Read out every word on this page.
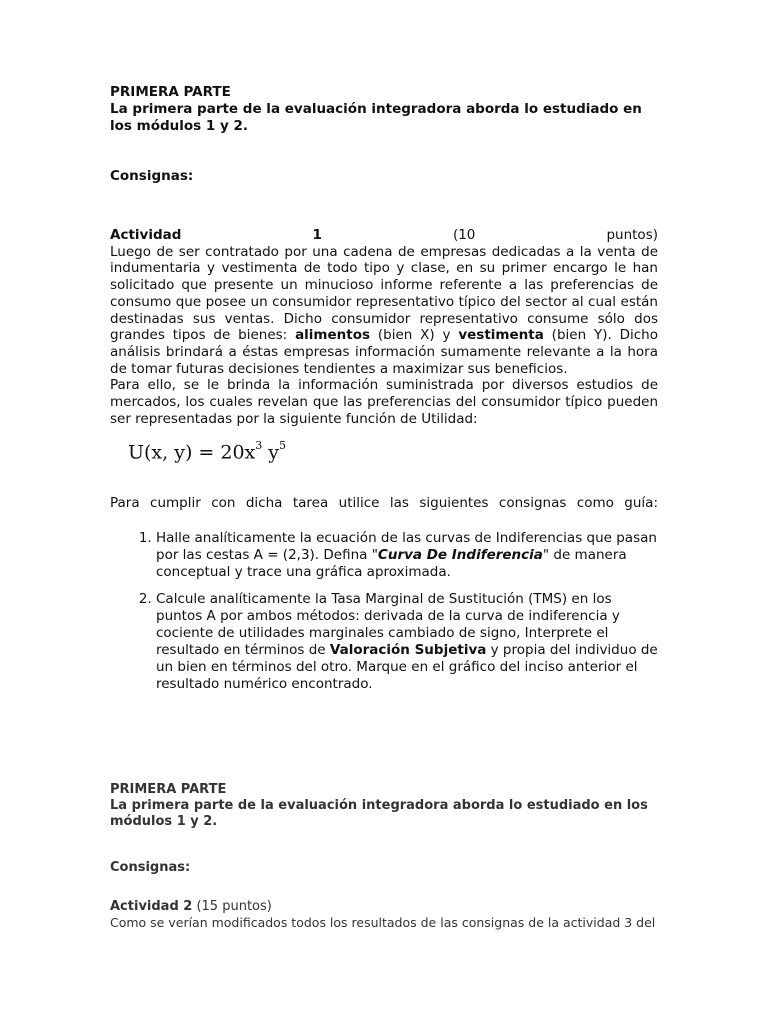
PRIMERA PARTE

La primera parte de la evaluación integradora aborda lo estudiado en los módulos 1 y 2.

Consignas:

Actividad	1	(10	puntos)

Luego de ser contratado por una cadena de empresas dedicadas a la venta de indumentaria y vestimenta de todo tipo y clase, en su primer encargo le han solicitado que presente un minucioso informe referente a las preferencias de consumo que posee un consumidor representativo típico del sector al cual están destinadas sus ventas. Dicho consumidor representativo consume sólo dos grandes tipos de bienes: alimentos (bien X) y vestimenta (bien Y). Dicho análisis brindará a éstas empresas información sumamente relevante a la hora de tomar futuras decisiones tendientes a maximizar sus beneficios.

Para ello, se le brinda la información suministrada por diversos estudios de mercados, los cuales revelan que las preferencias del consumidor típico pueden ser representadas por la siguiente función de Utilidad:

U(x, $y) = 20x^3$ $y^5$

Para cumplir con dicha tarea utilice las siguientes consignas como guía:

1. Halle analíticamente la ecuación de las curvas de Indiferencias que pasan por las cestas A = (2,3). Defina "Curva De Indiferencia" de manera conceptual y trace una gráfica aproximada.
2. Calcule analíticamente la Tasa Marginal de Sustitución (TMS) en los puntos A por ambos métodos: derivada de la curva de indiferencia y cociente de utilidades marginales cambiado de signo, Interprete el resultado en términos de Valoración Subjetiva y propia del individuo de un bien en términos del otro. Marque en el gráfico del inciso anterior el resultado numérico encontrado.

PRIMERA PARTE

La primera parte de la evaluación integradora aborda lo estudiado en los módulos 1 y 2.

Consignas:

Actividad 2 (15 puntos)

Como se verían modificados todos los resultados de las consignas de la actividad 3 del
